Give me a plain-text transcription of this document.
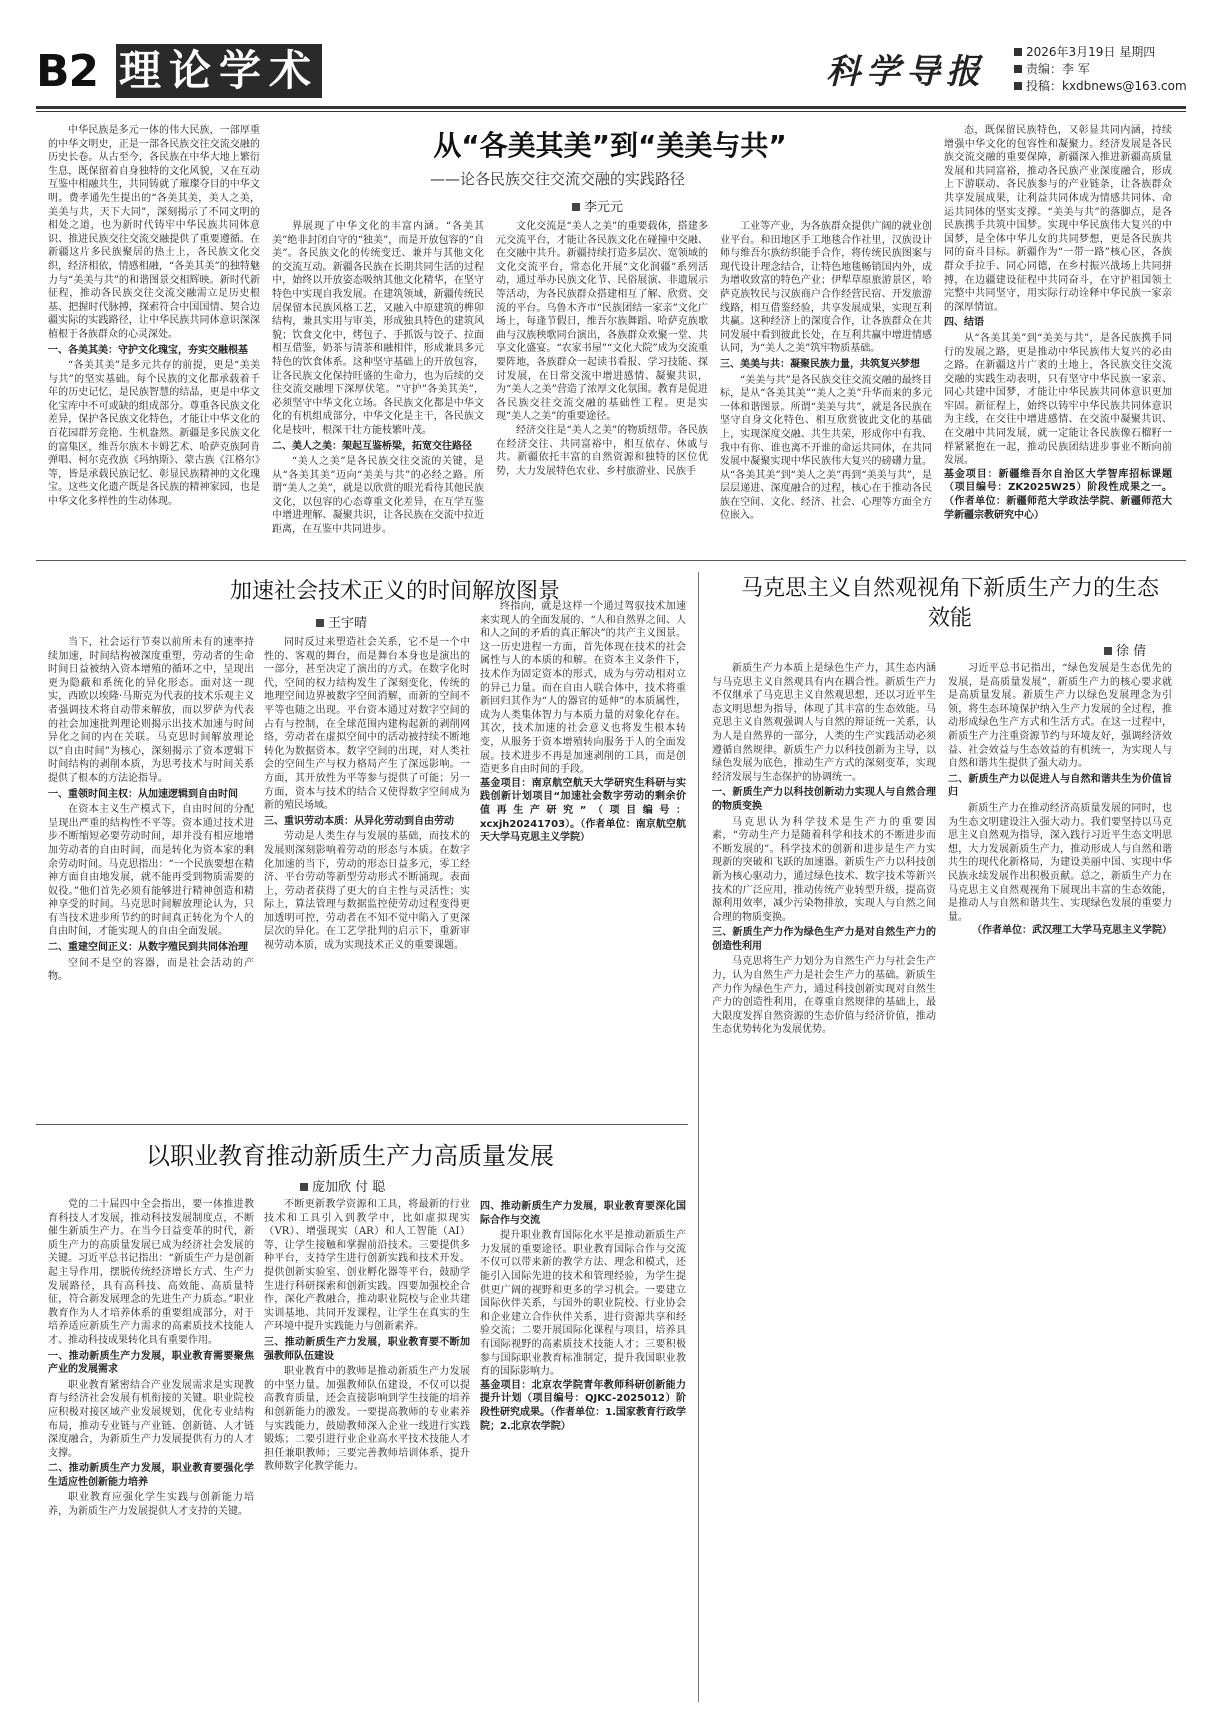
B2 理论学术	科学导报	2026年3月19日 星期四
责编：李 军
投稿：kxdbnews@163.com
从“各美其美”到“美美与共”
——论各民族交往交流交融的实践路径
李元元

中华民族是多元一体的伟大民族，一部厚重的中华文明史，正是一部各民族交往交流交融的历史长卷。从古至今，各民族在中华大地上繁衍生息，既保留着自身独特的文化风貌，又在互动互鉴中相融共生，共同铸就了璀璨夺目的中华文明。费孝通先生提出的“各美其美，美人之美，美美与共，天下大同”，深刻揭示了不同文明的相处之道，也为新时代铸牢中华民族共同体意识、推进民族交往交流交融提供了重要遵循。在新疆这片多民族聚居的热土上，各民族文化交织，经济相依，情感相融，“各美其美”的独特魅力与“美美与共”的和谐图景交相辉映。新时代新征程，推动各民族交往交流交融需立足历史根基、把握时代脉搏，探索符合中国国情、契合边疆实际的实践路径，让中华民族共同体意识深深植根于各族群众的心灵深处。

一、各美其美：守护文化瑰宝，夯实交融根基

“各美其美”是多元共存的前提，更是“美美与共”的坚实基础。每个民族的文化都承载着千年的历史记忆，是民族智慧的结晶，更是中华文化宝库中不可或缺的组成部分。尊重各民族文化差异，保护各民族文化特色，才能让中华文化的百花园群芳竞艳、生机盎然。新疆是多民族文化的富集区，维吾尔族木卡姆艺术、哈萨克族阿肯弹唱、柯尔克孜族《玛纳斯》、蒙古族《江格尔》等，皆是承载民族记忆、彰显民族精神的文化瑰宝。这些文化遗产既是各民族的精神家园，也是中华文化多样性的生动体现。

界展现了中华文化的丰富内涵。“各美其美”绝非封闭自守的“独美”，而是开放包容的“自美”。各民族文化的传统变迁、兼并与其他文化的交流互动。新疆各民族在长期共同生活的过程中，始终以开放姿态吸纳其他文化精华，在坚守特色中实现自我发展。在建筑领域，新疆传统民居保留本民族风格工艺，又融入中原建筑的榫卯结构，兼具实用与审美，形成独具特色的建筑风貌；饮食文化中，烤包子、手抓饭与饺子、拉面相互借鉴，奶茶与清茶和融相伴，形成兼具多元特色的饮食体系。这种坚守基础上的开放包容，让各民族文化保持旺盛的生命力，也为后续的交往交流交融埋下深厚伏笔。“守护”各美其美”，必须坚守中华文化立场。各民族文化都是中华文化的有机组成部分，中华文化是主干，各民族文化是枝叶，根深干壮方能枝繁叶茂。

二、美人之美：架起互鉴桥梁，拓宽交往路径

“美人之美”是各民族交往交流的关键，是从“各美其美”迈向“美美与共”的必经之路。所谓“美人之美”，就是以欣赏的眼光看待其他民族文化，以包容的心态尊重文化差异，在互学互鉴中增进理解、凝聚共识，让各民族在交流中拉近距离，在互鉴中共同进步。

文化交流是“美人之美”的重要载体，搭建多元交流平台，才能让各民族文化在碰撞中交融、在交融中共升。新疆持续打造多层次、宽领域的文化交流平台，常态化开展“文化润疆”系列活动，通过举办民族文化节、民俗展演、非遗展示等活动，为各民族群众搭建相互了解、欣赏、交流的平台。乌鲁木齐市“民族团结一家亲”文化广场上，每逢节假日，维吾尔族舞蹈、哈萨克族歌曲与汉族秧歌同台演出，各族群众欢聚一堂、共享文化盛宴。“农家书屋”“文化大院”成为交流重要阵地，各族群众一起读书看报、学习技能、探讨发展，在日常交流中增进感情、凝聚共识，为“美人之美”营造了浓厚文化氛围。教育是促进各民族交往交流交融的基础性工程。更是实现“美人之美”的重要途径。

经济交往是“美人之美”的物质纽带。各民族在经济交往、共同富裕中，相互依存、休戚与共。新疆依托丰富的自然资源和独特的区位优势，大力发展特色农业、乡村旅游业、民族手

工业等产业，为各族群众提供广阔的就业创业平台。和田地区手工地毯合作社里，汉族设计师与维吾尔族纺织能手合作，将传统民族图案与现代设计理念结合，让特色地毯畅销国内外，成为增收致富的特色产业；伊犁草原旅游景区，哈萨克族牧民与汉族商户合作经营民宿、开发旅游线路，相互借鉴经验，共享发展成果，实现互利共赢。这种经济上的深度合作，让各族群众在共同发展中看到彼此长处，在互利共赢中增进情感认同，为“美人之美”筑牢物质基础。

三、美美与共：凝聚民族力量，共筑复兴梦想

“美美与共”是各民族交往交流交融的最终目标，是从“各美其美”“美人之美”升华而来的多元一体和谐图景。所谓“美美与共”，就是各民族在坚守自身文化特色、相互欣赏彼此文化的基础上，实现深度交融、共生共荣，形成你中有我、我中有你、谁也离不开谁的命运共同体，在共同发展中凝聚实现中华民族伟大复兴的磅礴力量。从“各美其美”到“美人之美”再到“美美与共”，是层层递进、深度融合的过程，核心在于推动各民族在空间、文化、经济、社会、心理等方面全方位嵌入。

态，既保留民族特色，又彰显共同内涵，持续增强中华文化的包容性和凝聚力。经济发展是各民族交流交融的重要保障，新疆深入推进新疆高质量发展和共同富裕，推动各民族产业深度融合，形成上下游联动、各民族参与的产业链条，让各族群众共享发展成果，让利益共同体成为情感共同体、命运共同体的坚实支撑。“美美与共”的落脚点，是各民族携手共筑中国梦。实现中华民族伟大复兴的中国梦，是全体中华儿女的共同梦想，更是各民族共同的奋斗目标。新疆作为“一带一路”核心区，各族群众手拉手、同心同德，在乡村振兴战场上共同拼搏，在边疆建设征程中共同奋斗，在守护祖国领土完整中共同坚守，用实际行动诠释中华民族一家亲的深厚情谊。

四、结语

从“各美其美”到“美美与共”，是各民族携手同行的发展之路，更是推动中华民族伟大复兴的必由之路。在新疆这片广袤的土地上，各民族交往交流交融的实践生动表明，只有坚守中华民族一家亲、同心共建中国梦，才能让中华民族共同体意识更加牢固。新征程上，始终以铸牢中华民族共同体意识为主线，在交往中增进感情、在交流中凝聚共识、在交融中共同发展，就一定能让各民族像石榴籽一样紧紧抱在一起，推动民族团结进步事业不断向前发展。

基金项目：新疆维吾尔自治区大学智库招标课题（项目编号：ZK2025W25）阶段性成果之一。（作者单位：新疆师范大学政法学院、新疆师范大学新疆宗教研究中心）

加速社会技术正义的时间解放图景
王宇晴

当下，社会运行节奏以前所未有的速率持续加速，时间结构被深度重塑，劳动者的生命时间日益被纳入资本增殖的循环之中，呈现出更为隐蔽和系统化的异化形态。面对这一现实，西欧以埃隆·马斯克为代表的技术乐观主义者强调技术将自动带来解放，而以罗萨为代表的社会加速批判理论则揭示出技术加速与时间异化之间的内在关联。马克思时间解放理论以“自由时间”为核心，深刻揭示了资本逻辑下时间结构的剥削本质，为思考技术与时间关系提供了根本的方法论指导。

一、重领时间主权：从加速逻辑到自由时间

在资本主义生产模式下，自由时间的分配呈现出严重的结构性不平等。资本通过技术进步不断缩短必要劳动时间，却并没有相应地增加劳动者的自由时间，而是转化为资本家的剩余劳动时间。马克思指出：“一个民族要想在精神方面自由地发展，就不能再受到物质需要的奴役。”他们首先必须有能够进行精神创造和精神享受的时间。马克思时间解放理论认为，只有当技术进步所节约的时间真正转化为个人的自由时间，才能实现人的自由全面发展。

二、重建空间正义：从数字殖民到共同体治理

空间不是空的容器，而是社会活动的产物。

同时反过来塑造社会关系，它不是一个中性的、客观的舞台，而是舞台本身也是演出的一部分，甚至决定了演出的方式。在数字化时代，空间的权力结构发生了深刻变化，传统的地理空间边界被数字空间消解，而新的空间不平等也随之出现。平台资本通过对数字空间的占有与控制，在全球范围内建构起新的剥削网络，劳动者在虚拟空间中的活动被持续不断地转化为数据资本。数字空间的出现，对人类社会的空间生产与权力格局产生了深远影响。一方面，其开放性为平等参与提供了可能；另一方面，资本与技术的结合又使得数字空间成为新的殖民场域。

三、重识劳动本质：从异化劳动到自由劳动

劳动是人类生存与发展的基础，而技术的发展则深刻影响着劳动的形态与本质。在数字化加速的当下，劳动的形态日益多元，零工经济、平台劳动等新型劳动形式不断涌现。表面上，劳动者获得了更大的自主性与灵活性；实际上，算法管理与数据监控使劳动过程变得更加透明可控，劳动者在不知不觉中陷入了更深层次的异化。在工艺学批判的启示下，重新审视劳动本质，成为实现技术正义的重要课题。

终指向，就是这样一个通过驾驭技术加速来实现人的全面发展的、“人和自然界之间、人和人之间的矛盾的真正解决”的共产主义图景。这一历史进程一方面，首先体现在技术的社会属性与人的本质的和解。在资本主义条件下，技术作为固定资本的形式，成为与劳动相对立的异己力量。而在自由人联合体中，技术将重新回归其作为“人的器官的延伸”的本质属性，成为人类集体智力与本质力量的对象化存在。其次，技术加速的社会意义也将发生根本转变，从服务于资本增殖转向服务于人的全面发展。技术进步不再是加速剥削的工具，而是创造更多自由时间的手段。

基金项目：南京航空航天大学研究生科研与实践创新计划项目“加速社会数字劳动的剩余价值再生产研究”（项目编号：xcxjh20241703）。（作者单位：南京航空航天大学马克思主义学院）

马克思主义自然观视角下新质生产力的生态效能
徐 倩

新质生产力本质上是绿色生产力，其生态内涵与马克思主义自然观具有内在耦合性。新质生产力不仅继承了马克思主义自然观思想，还以习近平生态文明思想为指导，体现了其丰富的生态效能。马克思主义自然观强调人与自然的辩证统一关系，认为人是自然界的一部分，人类的生产实践活动必须遵循自然规律。新质生产力以科技创新为主导，以绿色发展为底色，推动生产方式的深刻变革，实现经济发展与生态保护的协调统一。

一、新质生产力以科技创新动力实现人与自然合理的物质变换

马克思认为科学技术是生产力的重要因素，“劳动生产力是随着科学和技术的不断进步而不断发展的”。科学技术的创新和进步是生产力实现新的突破和飞跃的加速器。新质生产力以科技创新为核心驱动力，通过绿色技术、数字技术等新兴技术的广泛应用，推动传统产业转型升级，提高资源利用效率，减少污染物排放，实现人与自然之间合理的物质变换。

三、新质生产力作为绿色生产力是对自然生产力的创造性利用

马克思将生产力划分为自然生产力与社会生产力，认为自然生产力是社会生产力的基础。新质生产力作为绿色生产力，通过科技创新实现对自然生产力的创造性利用，在尊重自然规律的基础上，最大限度发挥自然资源的生态价值与经济价值，推动生态优势转化为发展优势。

习近平总书记指出，“绿色发展是生态优先的发展，是高质量发展”，新质生产力的核心要求就是高质量发展。新质生产力以绿色发展理念为引领，将生态环境保护纳入生产力发展的全过程，推动形成绿色生产方式和生活方式。在这一过程中，新质生产力注重资源节约与环境友好，强调经济效益、社会效益与生态效益的有机统一，为实现人与自然和谐共生提供了强大动力。

二、新质生产力以促进人与自然和谐共生为价值旨归

新质生产力在推动经济高质量发展的同时，也为生态文明建设注入强大动力。我们要坚持以马克思主义自然观为指导，深入践行习近平生态文明思想，大力发展新质生产力，推动形成人与自然和谐共生的现代化新格局，为建设美丽中国、实现中华民族永续发展作出积极贡献。总之，新质生产力在马克思主义自然观视角下展现出丰富的生态效能，是推动人与自然和谐共生、实现绿色发展的重要力量。

（作者单位：武汉理工大学马克思主义学院）

以职业教育推动新质生产力高质量发展
庞加欣 付 聪

党的二十届四中全会指出，要一体推进教育科技人才发展，推动科技发展制度点，不断催生新质生产力。在当今日益变革的时代，新质生产力的高质量发展已成为经济社会发展的关键。习近平总书记指出：“新质生产力是创新起主导作用，摆脱传统经济增长方式、生产力发展路径，具有高科技、高效能、高质量特征，符合新发展理念的先进生产力质态。”职业教育作为人才培养体系的重要组成部分，对于培养适应新质生产力需求的高素质技术技能人才、推动科技成果转化具有重要作用。

一、推动新质生产力发展，职业教育需要聚焦产业的发展需求

职业教育紧密结合产业发展需求是实现教育与经济社会发展有机衔接的关键。职业院校应积极对接区域产业发展规划，优化专业结构布局，推动专业链与产业链、创新链、人才链深度融合，为新质生产力发展提供有力的人才支撑。

二、推动新质生产力发展，职业教育要强化学生适应性创新能力培养

职业教育应强化学生实践与创新能力培养，为新质生产力发展提供人才支持的关键。

不断更新教学资源和工具，将最新的行业技术和工具引入到教学中，比如虚拟现实（VR）、增强现实（AR）和人工智能（AI）等，让学生接触和掌握前沿技术。三要提供多种平台，支持学生进行创新实践和技术开发。提供创新实验室、创业孵化器等平台，鼓励学生进行科研探索和创新实践。四要加强校企合作，深化产教融合，推动职业院校与企业共建实训基地、共同开发课程，让学生在真实的生产环境中提升实践能力与创新素养。

三、推动新质生产力发展，职业教育要不断加强教师队伍建设

职业教育中的教师是推动新质生产力发展的中坚力量。加强教师队伍建设，不仅可以提高教育质量，还会直接影响到学生技能的培养和创新能力的激发。一要提高教师的专业素养与实践能力，鼓励教师深入企业一线进行实践锻炼；二要引进行业企业高水平技术技能人才担任兼职教师；三要完善教师培训体系，提升教师数字化教学能力。

四、推动新质生产力发展，职业教育要深化国际合作与交流

提升职业教育国际化水平是推动新质生产力发展的重要途径。职业教育国际合作与交流不仅可以带来新的教学方法、理念和模式，还能引入国际先进的技术和管理经验，为学生提供更广阔的视野和更多的学习机会。一要建立国际伙伴关系，与国外的职业院校、行业协会和企业建立合作伙伴关系，进行资源共享和经验交流；二要开展国际化课程与项目，培养具有国际视野的高素质技术技能人才；三要积极参与国际职业教育标准制定，提升我国职业教育的国际影响力。

基金项目：北京农学院青年教师科研创新能力提升计划（项目编号：QJKC-2025012）阶段性研究成果。（作者单位：1.国家教育行政学院；2.北京农学院）
